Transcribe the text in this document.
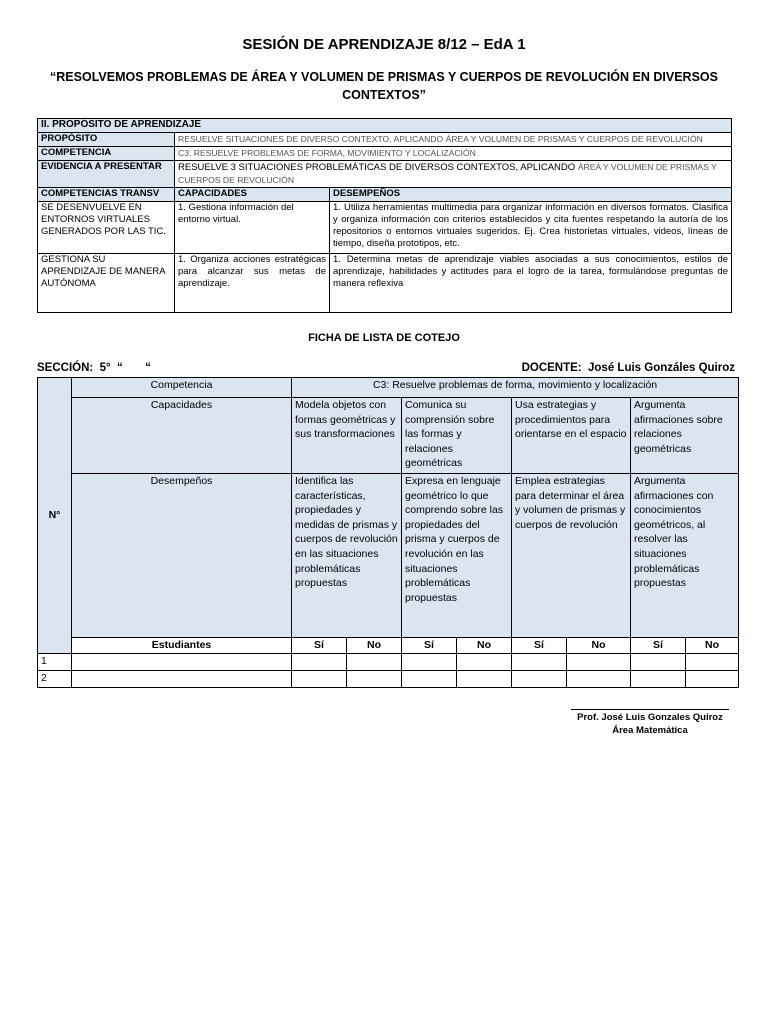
SESIÓN DE APRENDIZAJE 8/12 – EdA 1
“RESOLVEMOS PROBLEMAS DE ÁREA Y VOLUMEN DE PRISMAS Y CUERPOS DE REVOLUCIÓN EN DIVERSOS CONTEXTOS”
II. PROPÓSITO DE APRENDIZAJE		
PROPÓSITO	RESUELVE SITUACIONES DE DIVERSO CONTEXTO, APLICANDO ÁREA Y VOLUMEN DE PRISMAS Y CUERPOS DE REVOLUCIÓN	
COMPETENCIA	C3: RESUELVE PROBLEMAS DE FORMA, MOVIMIENTO Y LOCALIZACIÓN	
EVIDENCIA A PRESENTAR	RESUELVE 3 SITUACIONES PROBLEMÁTICAS DE DIVERSOS CONTEXTOS, APLICANDO ÁREA Y VOLUMEN DE PRISMAS Y CUERPOS DE REVOLUCIÓN	
COMPETENCIAS TRANSV	CAPACIDADES	DESEMPEÑOS
SE DESENVUELVE EN ENTORNOS VIRTUALES GENERADOS POR LAS TIC.	1. Gestiona información del entorno virtual.	1. Utiliza herramientas multimedia para organizar información en diversos formatos. Clasifica y organiza información con criterios establecidos y cita fuentes respetando la autoría de los repositorios o entornos virtuales sugeridos. Ej. Crea historietas virtuales, videos, líneas de tiempo, diseña prototipos, etc.
GESTIONA SU APRENDIZAJE DE MANERA AUTÓNOMA	1. Organiza acciones estratégicas para alcanzar sus metas de aprendizaje.	1. Determina metas de aprendizaje viables asociadas a sus conocimientos, estilos de aprendizaje, habilidades y actitudes para el logro de la tarea, formulándose preguntas de manera reflexiva
FICHA DE LISTA DE COTEJO
SECCIÓN:  5°  “       “	DOCENTE: José Luis Gonzáles Quiroz
N°	Competencia	C3: Resuelve problemas de forma, movimiento y localización							
	Capacidades	Modela objetos con formas geométricas y sus transformaciones		Comunica su comprensión sobre las formas y relaciones geométricas		Usa estrategias y procedimientos para orientarse en el espacio		Argumenta afirmaciones sobre relaciones geométricas	
	Desempeños	Identifica las características, propiedades y medidas de prismas y cuerpos de revolución en las situaciones problemáticas propuestas		Expresa en lenguaje geométrico lo que comprendo sobre las propiedades del prisma y cuerpos de revolución en las situaciones problemáticas propuestas		Emplea estrategias para determinar el área y volumen de prismas y cuerpos de revolución		Argumenta afirmaciones con conocimientos geométricos, al resolver las situaciones problemáticas propuestas	
	Estudiantes	Sí	No	Sí	No	Sí	No	Sí	No
1									
2									
Prof. José Luis Gonzales Quiroz
Área Matemática
